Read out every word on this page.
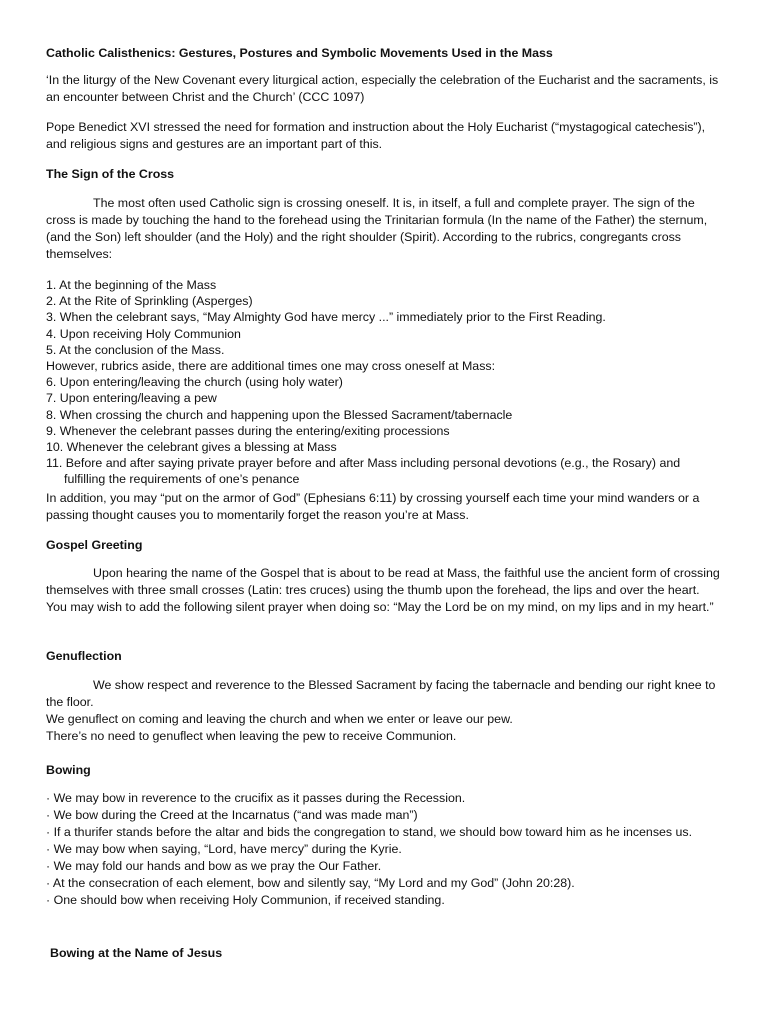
Catholic Calisthenics: Gestures, Postures and Symbolic Movements Used in the Mass

‘In the liturgy of the New Covenant every liturgical action, especially the celebration of the Eucharist and the sacraments, is an encounter between Christ and the Church’ (CCC 1097)

Pope Benedict XVI stressed the need for formation and instruction about the Holy Eucharist (“mystagogical catechesis”), and religious signs and gestures are an important part of this.

The Sign of the Cross

The most often used Catholic sign is crossing oneself. It is, in itself, a full and complete prayer. The sign of the cross is made by touching the hand to the forehead using the Trinitarian formula (In the name of the Father) the sternum, (and the Son) left shoulder (and the Holy) and the right shoulder (Spirit). According to the rubrics, congregants cross themselves:

1. At the beginning of the Mass
2. At the Rite of Sprinkling (Asperges)
3. When the celebrant says, “May Almighty God have mercy ...” immediately prior to the First Reading.
4. Upon receiving Holy Communion
5. At the conclusion of the Mass.
However, rubrics aside, there are additional times one may cross oneself at Mass:
6. Upon entering/leaving the church (using holy water)
7. Upon entering/leaving a pew
8. When crossing the church and happening upon the Blessed Sacrament/tabernacle
9. Whenever the celebrant passes during the entering/exiting processions
10. Whenever the celebrant gives a blessing at Mass
11. Before and after saying private prayer before and after Mass including personal devotions (e.g., the Rosary) and fulfilling the requirements of one’s penance

In addition, you may “put on the armor of God” (Ephesians 6:11) by crossing yourself each time your mind wanders or a passing thought causes you to momentarily forget the reason you’re at Mass.

Gospel Greeting

Upon hearing the name of the Gospel that is about to be read at Mass, the faithful use the ancient form of crossing themselves with three small crosses (Latin: tres cruces) using the thumb upon the forehead, the lips and over the heart. You may wish to add the following silent prayer when doing so: “May the Lord be on my mind, on my lips and in my heart.”

Genuflection

We show respect and reverence to the Blessed Sacrament by facing the tabernacle and bending our right knee to the floor.

We genuflect on coming and leaving the church and when we enter or leave our pew.

There’s no need to genuflect when leaving the pew to receive Communion.

Bowing

· We may bow in reverence to the crucifix as it passes during the Recession.
· We bow during the Creed at the Incarnatus (“and was made man”)
· If a thurifer stands before the altar and bids the congregation to stand, we should bow toward him as he incenses us.
· We may bow when saying, “Lord, have mercy” during the Kyrie.
· We may fold our hands and bow as we pray the Our Father.
· At the consecration of each element, bow and silently say, “My Lord and my God” (John 20:28).
· One should bow when receiving Holy Communion, if received standing.

Bowing at the Name of Jesus
